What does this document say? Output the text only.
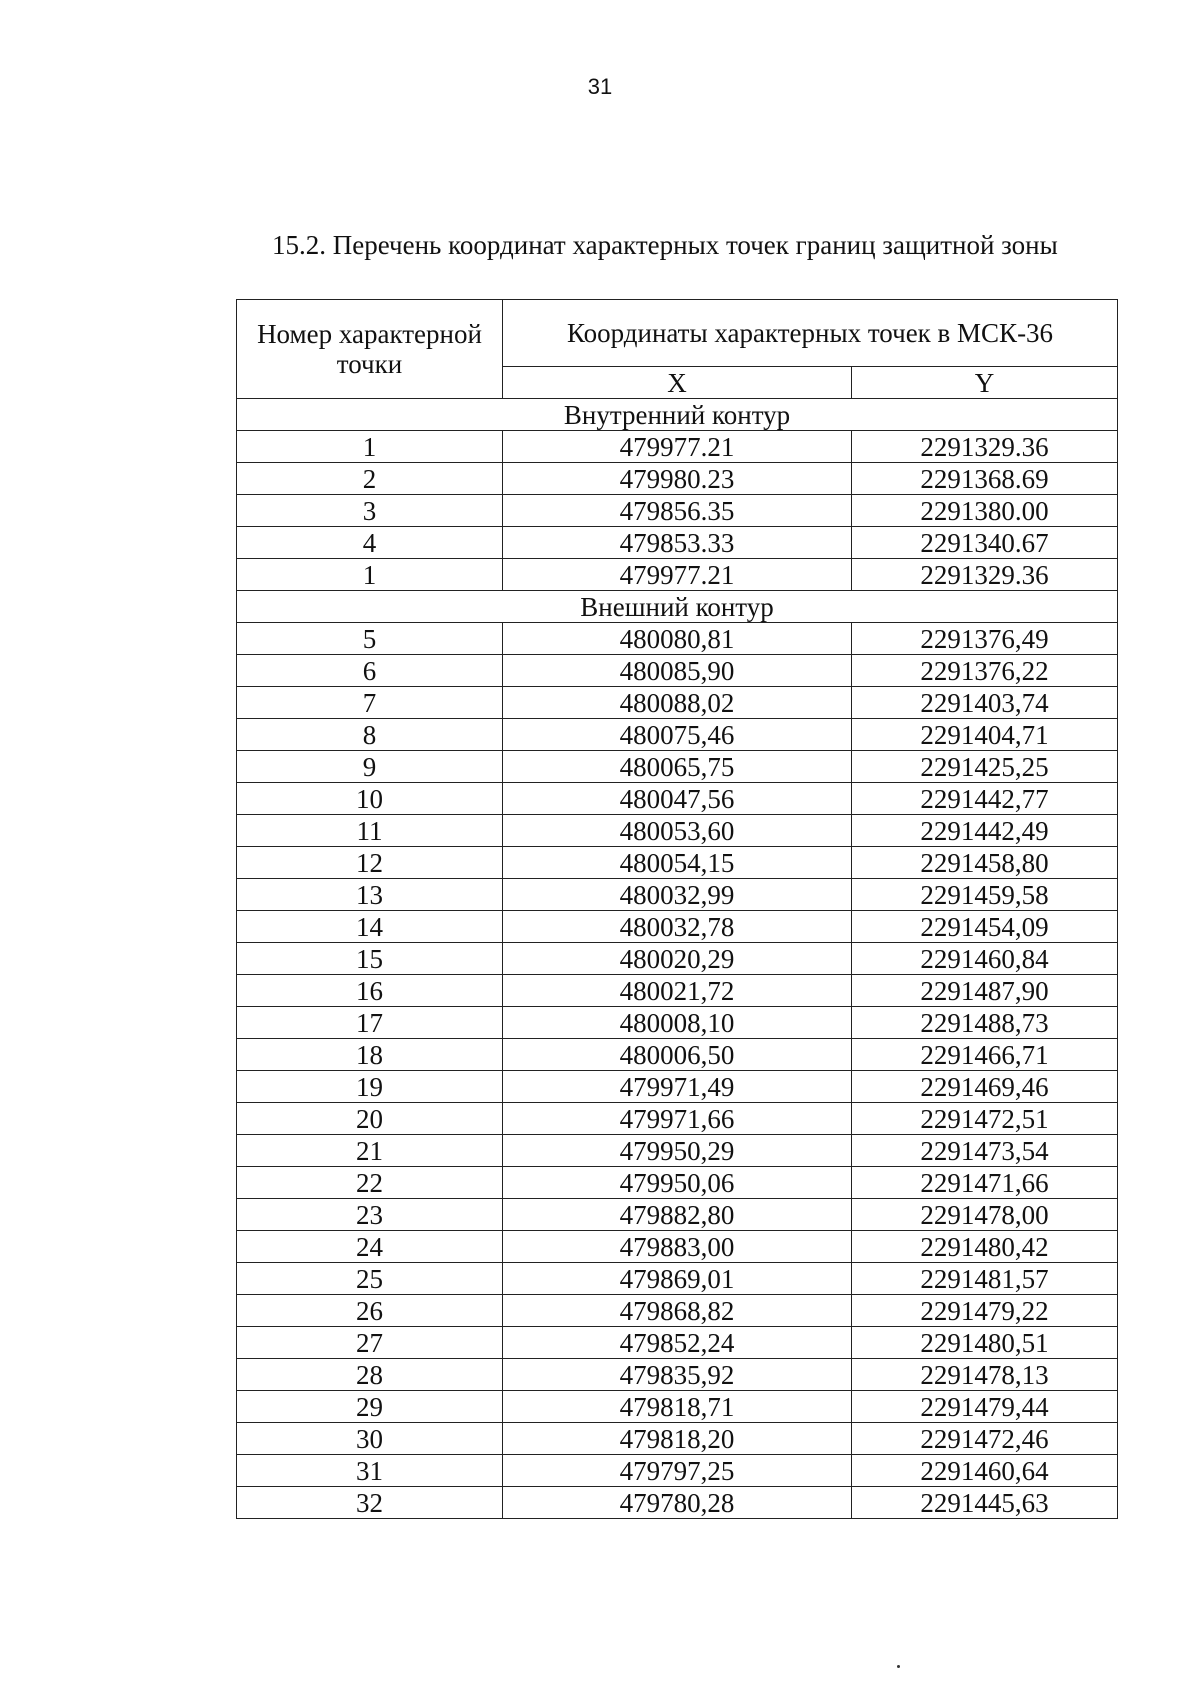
31
15.2. Перечень координат характерных точек границ защитной зоны
Номер характерной точки	Координаты характерных точек в МСК-36	
	X	Y
Внутренний контур		
1	479977.21	2291329.36
2	479980.23	2291368.69
3	479856.35	2291380.00
4	479853.33	2291340.67
1	479977.21	2291329.36
Внешний контур		
5	480080,81	2291376,49
6	480085,90	2291376,22
7	480088,02	2291403,74
8	480075,46	2291404,71
9	480065,75	2291425,25
10	480047,56	2291442,77
11	480053,60	2291442,49
12	480054,15	2291458,80
13	480032,99	2291459,58
14	480032,78	2291454,09
15	480020,29	2291460,84
16	480021,72	2291487,90
17	480008,10	2291488,73
18	480006,50	2291466,71
19	479971,49	2291469,46
20	479971,66	2291472,51
21	479950,29	2291473,54
22	479950,06	2291471,66
23	479882,80	2291478,00
24	479883,00	2291480,42
25	479869,01	2291481,57
26	479868,82	2291479,22
27	479852,24	2291480,51
28	479835,92	2291478,13
29	479818,71	2291479,44
30	479818,20	2291472,46
31	479797,25	2291460,64
32	479780,28	2291445,63
